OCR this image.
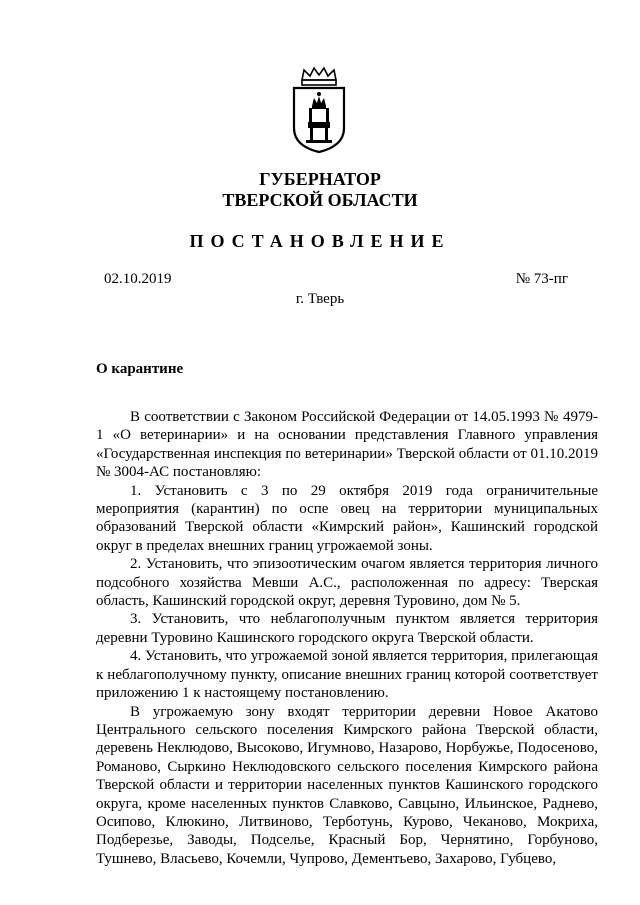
ГУБЕРНАТОР
ТВЕРСКОЙ ОБЛАСТИ
ПОСТАНОВЛЕНИЕ
02.10.2019	№ 73-пг
г. Тверь
О карантине

В соответствии с Законом Российской Федерации от 14.05.1993 № 4979-1 «О ветеринарии» и на основании представления Главного управления «Государственная инспекция по ветеринарии» Тверской области от 01.10.2019 № 3004-АС постановляю:

1. Установить с 3 по 29 октября 2019 года ограничительные мероприятия (карантин) по оспе овец на территории муниципальных образований Тверской области «Кимрский район», Кашинский городской округ в пределах внешних границ угрожаемой зоны.

2. Установить, что эпизоотическим очагом является территория личного подсобного хозяйства Мевши А.С., расположенная по адресу: Тверская область, Кашинский городской округ, деревня Туровино, дом № 5.

3. Установить, что неблагополучным пунктом является территория деревни Туровино Кашинского городского округа Тверской области.

4. Установить, что угрожаемой зоной является территория, прилегающая к неблагополучному пункту, описание внешних границ которой соответствует приложению 1 к настоящему постановлению.

В угрожаемую зону входят территории деревни Новое Акатово Центрального сельского поселения Кимрского района Тверской области, деревень Неклюдово, Высоково, Игумново, Назарово, Норбужье, Подосеново, Романово, Сыркино Неклюдовского сельского поселения Кимрского района Тверской области и территории населенных пунктов Кашинского городского округа, кроме населенных пунктов Славково, Савцыно, Ильинское, Раднево, Осипово, Клюкино, Литвиново, Терботунь, Курово, Чеканово, Мокриха, Подберезье, Заводы, Подселье, Красный Бор, Чернятино, Горбуново, Тушнево, Власьево, Кочемли, Чупрово, Дементьево, Захарово, Губцево,
